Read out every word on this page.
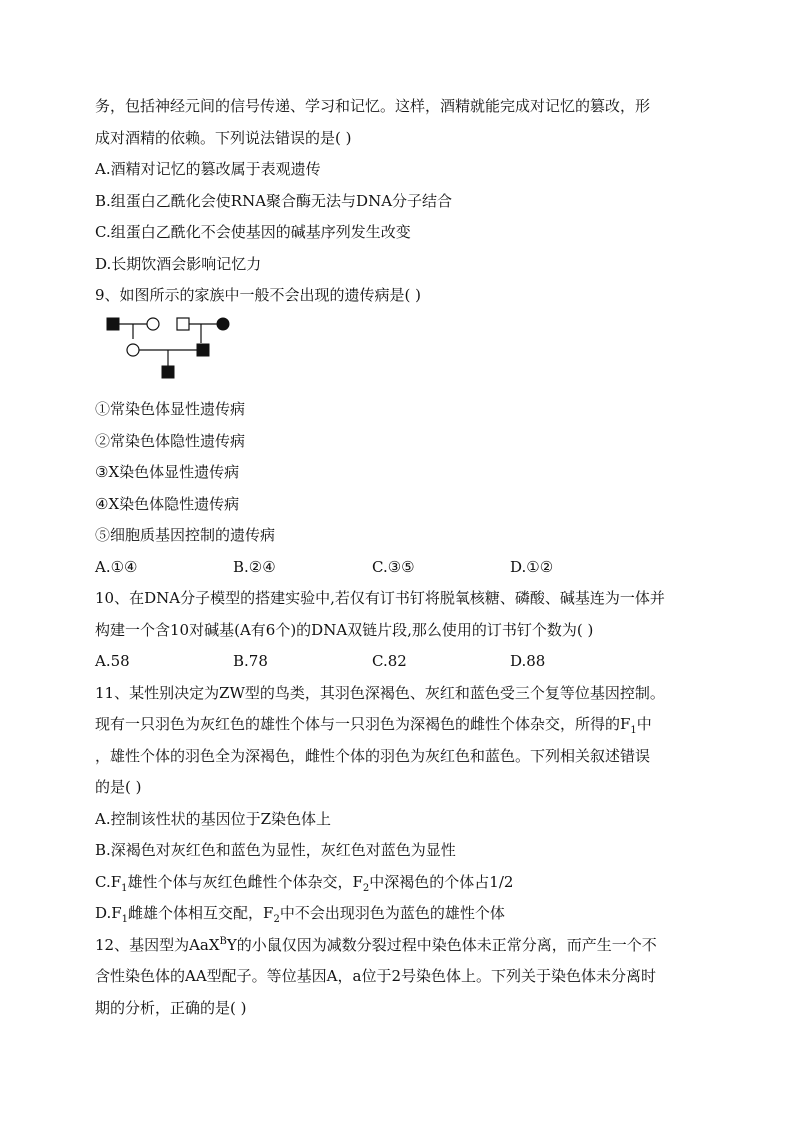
务，包括神经元间的信号传递、学习和记忆。这样，酒精就能完成对记忆的篡改，形
成对酒精的依赖。下列说法错误的是( )
A.酒精对记忆的篡改属于表观遗传
B.组蛋白乙酰化会使RNA聚合酶无法与DNA分子结合
C.组蛋白乙酰化不会使基因的碱基序列发生改变
D.长期饮酒会影响记忆力
9、如图所示的家族中一般不会出现的遗传病是( )
①常染色体显性遗传病
②常染色体隐性遗传病
③X染色体显性遗传病
④X染色体隐性遗传病
⑤细胞质基因控制的遗传病
A.①④	B.②④	C.③⑤	D.①②
10、在DNA分子模型的搭建实验中,若仅有订书钉将脱氧核糖、磷酸、碱基连为一体并
构建一个含10对碱基(A有6个)的DNA双链片段,那么使用的订书钉个数为( )
A.58	B.78	C.82	D.88
11、某性别决定为ZW型的鸟类，其羽色深褐色、灰红和蓝色受三个复等位基因控制。
现有一只羽色为灰红色的雄性个体与一只羽色为深褐色的雌性个体杂交，所得的$F_1$中
，雄性个体的羽色全为深褐色，雌性个体的羽色为灰红色和蓝色。下列相关叙述错误
的是( )
A.控制该性状的基因位于Z染色体上
B.深褐色对灰红色和蓝色为显性，灰红色对蓝色为显性
$C.F_1$雄性个体与灰红色雌性个体杂交，$F_2$中深褐色的个体占1/2
$D.F_1$雌雄个体相互交配，$F_2$中不会出现羽色为蓝色的雄性个体
12、基因型为AaX$^B$Y的小鼠仅因为减数分裂过程中染色体未正常分离，而产生一个不
含性染色体的AA型配子。等位基因A，a位于2号染色体上。下列关于染色体未分离时
期的分析，正确的是( )
